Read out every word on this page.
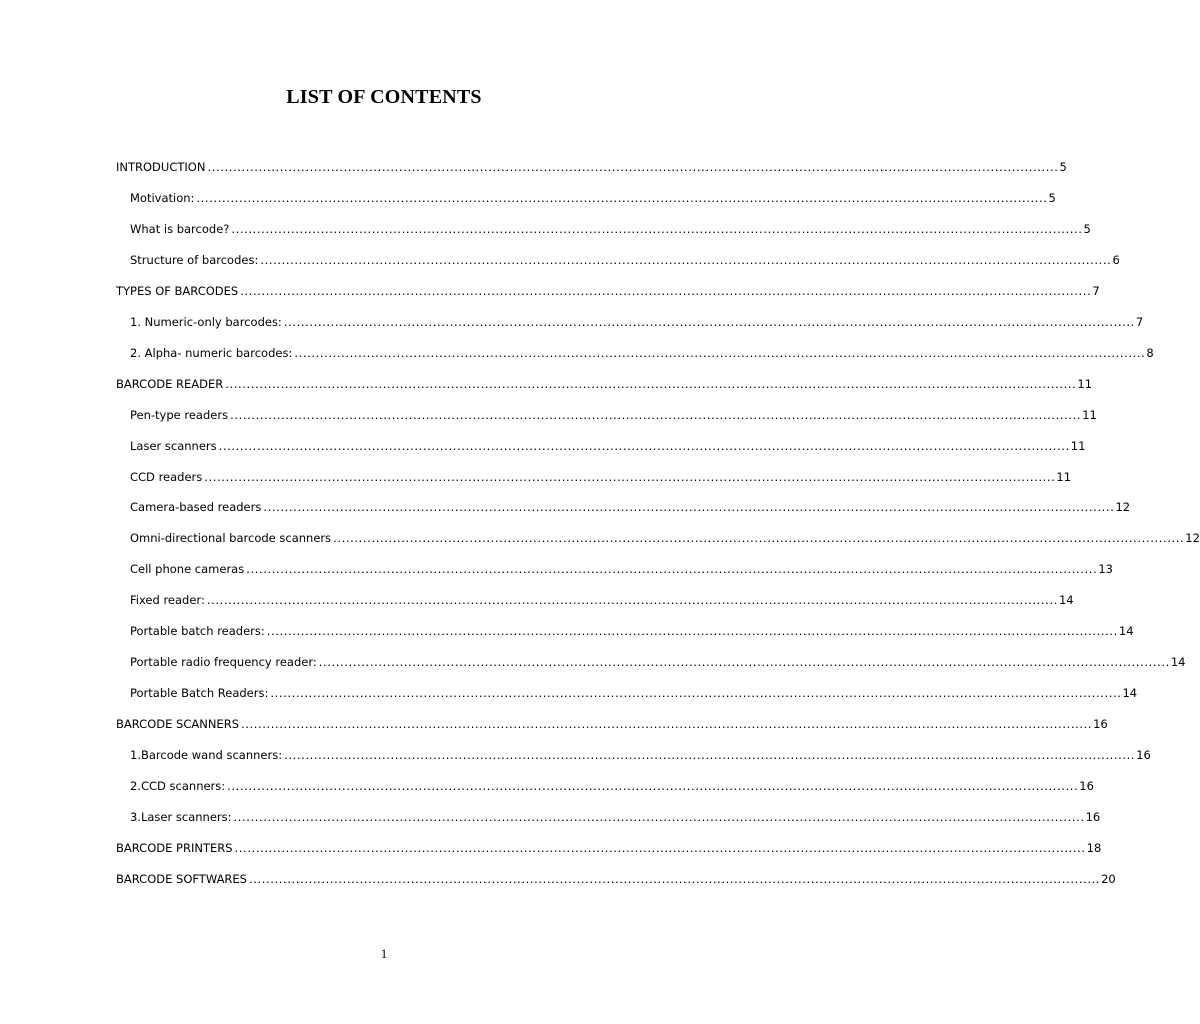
LIST OF CONTENTS
INTRODUCTION ........................................................................................................................................................................................................ 5
Motivation: ........................................................................................................................................................................................................ 5
What is barcode? ........................................................................................................................................................................................................ 5
Structure of barcodes: ........................................................................................................................................................................................................ 6
TYPES OF BARCODES ........................................................................................................................................................................................................ 7
1. Numeric-only barcodes: ........................................................................................................................................................................................................ 7
2. Alpha- numeric barcodes: ........................................................................................................................................................................................................ 8
BARCODE READER ........................................................................................................................................................................................................ 11
Pen-type readers ........................................................................................................................................................................................................ 11
Laser scanners ........................................................................................................................................................................................................ 11
CCD readers ........................................................................................................................................................................................................ 11
Camera-based readers ........................................................................................................................................................................................................ 12
Omni-directional barcode scanners ........................................................................................................................................................................................................ 12
Cell phone cameras ........................................................................................................................................................................................................ 13
Fixed reader: ........................................................................................................................................................................................................ 14
Portable batch readers: ........................................................................................................................................................................................................ 14
Portable radio frequency reader: ........................................................................................................................................................................................................ 14
Portable Batch Readers: ........................................................................................................................................................................................................ 14
BARCODE SCANNERS ........................................................................................................................................................................................................ 16
1.Barcode wand scanners: ........................................................................................................................................................................................................ 16
2.CCD scanners: ........................................................................................................................................................................................................ 16
3.Laser scanners: ........................................................................................................................................................................................................ 16
BARCODE PRINTERS ........................................................................................................................................................................................................ 18
BARCODE SOFTWARES ........................................................................................................................................................................................................ 20
1
